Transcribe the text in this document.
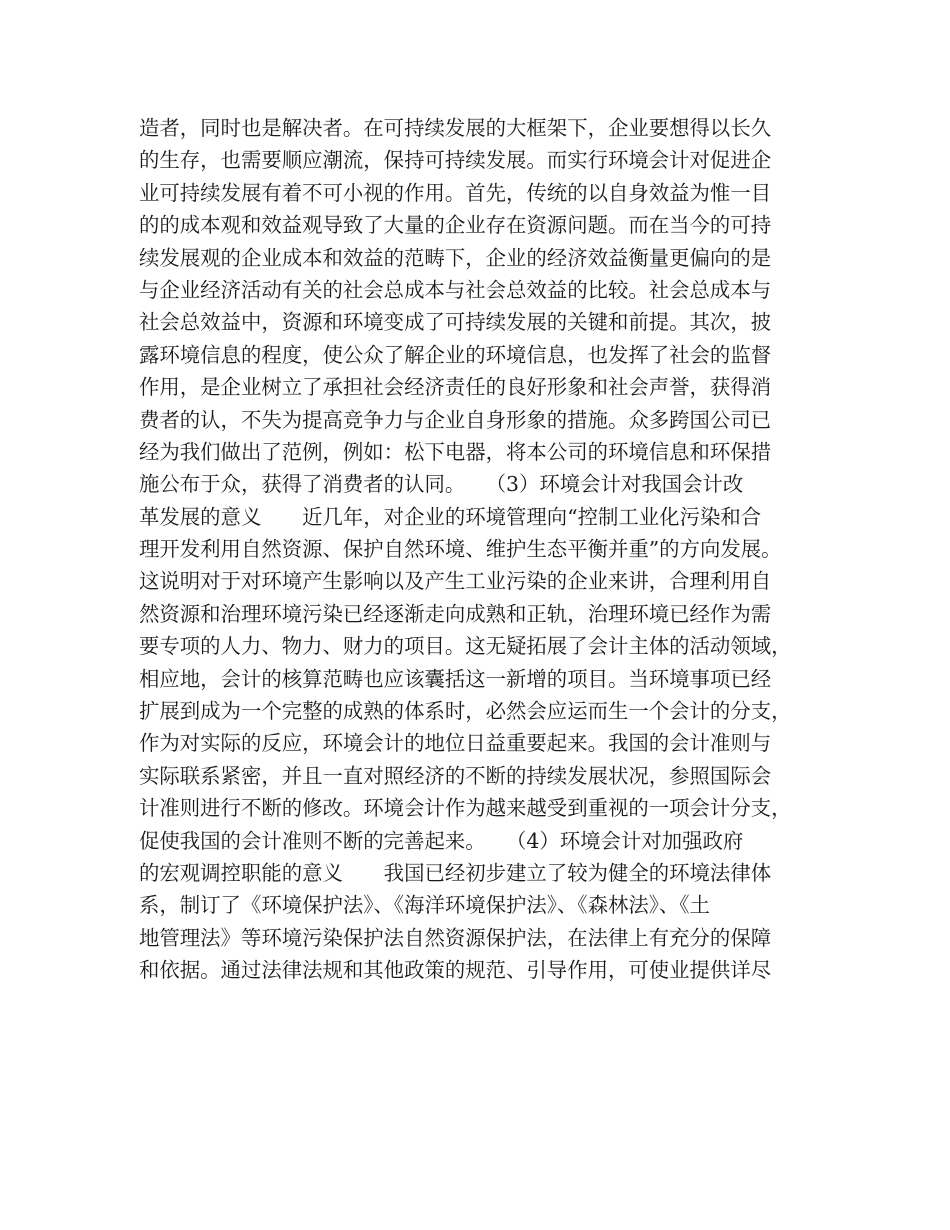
造者，同时也是解决者。在可持续发展的大框架下，企业要想得以长久
的生存，也需要顺应潮流，保持可持续发展。而实行环境会计对促进企
业可持续发展有着不可小视的作用。首先，传统的以自身效益为惟一目
的的成本观和效益观导致了大量的企业存在资源问题。而在当今的可持
续发展观的企业成本和效益的范畴下，企业的经济效益衡量更偏向的是
与企业经济活动有关的社会总成本与社会总效益的比较。社会总成本与
社会总效益中，资源和环境变成了可持续发展的关键和前提。其次，披
露环境信息的程度，使公众了解企业的环境信息，也发挥了社会的监督
作用，是企业树立了承担社会经济责任的良好形象和社会声誉，获得消
费者的认，不失为提高竞争力与企业自身形象的措施。众多跨国公司已
经为我们做出了范例，例如：松下电器，将本公司的环境信息和环保措
施公布于众，获得了消费者的认同。　　（3）环境会计对我国会计改
革发展的意义　　近几年，对企业的环境管理向“控制工业化污染和合
理开发利用自然资源、保护自然环境、维护生态平衡并重”的方向发展。
这说明对于对环境产生影响以及产生工业污染的企业来讲，合理利用自
然资源和治理环境污染已经逐渐走向成熟和正轨，治理环境已经作为需
要专项的人力、物力、财力的项目。这无疑拓展了会计主体的活动领域，
相应地，会计的核算范畴也应该囊括这一新增的项目。当环境事项已经
扩展到成为一个完整的成熟的体系时，必然会应运而生一个会计的分支，
作为对实际的反应，环境会计的地位日益重要起来。我国的会计准则与
实际联系紧密，并且一直对照经济的不断的持续发展状况，参照国际会
计准则进行不断的修改。环境会计作为越来越受到重视的一项会计分支，
促使我国的会计准则不断的完善起来。　　（4）环境会计对加强政府
的宏观调控职能的意义　　我国已经初步建立了较为健全的环境法律体
系，制订了《环境保护法》、《海洋环境保护法》、《森林法》、《土
地管理法》等环境污染保护法自然资源保护法，在法律上有充分的保障
和依据。通过法律法规和其他政策的规范、引导作用，可使业提供详尽
